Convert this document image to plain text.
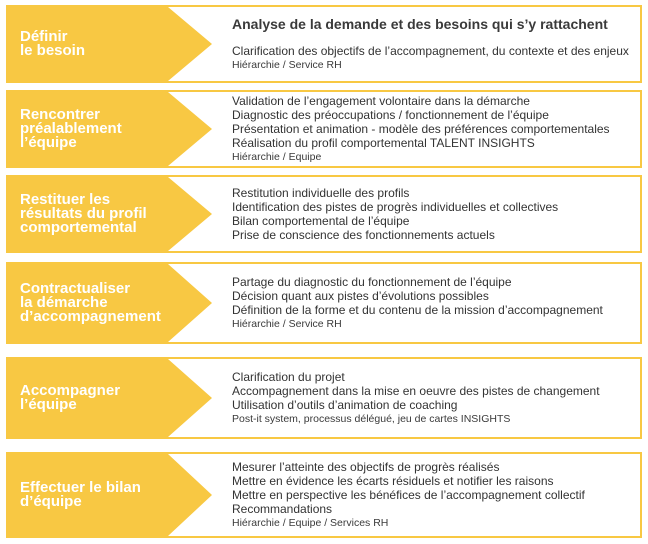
Définir
le besoin
Analyse de la demande et des besoins qui s’y rattachent
Clarification des objectifs de l’accompagnement, du contexte et des enjeux
Hiérarchie / Service RH
Rencontrer
préalablement
l’équipe
Validation de l’engagement volontaire dans la démarche
Diagnostic des préoccupations / fonctionnement de l’équipe
Présentation et animation - modèle des préférences comportementales
Réalisation du profil comportemental TALENT INSIGHTS
Hiérarchie / Equipe
Restituer les
résultats du profil
comportemental
Restitution individuelle des profils
Identification des pistes de progrès individuelles et collectives
Bilan comportemental de l’équipe
Prise de conscience des fonctionnements actuels
Contractualiser
la démarche
d’accompagnement
Partage du diagnostic du fonctionnement de l’équipe
Décision quant aux pistes d’évolutions possibles
Définition de la forme et du contenu de la mission d’accompagnement
Hiérarchie / Service RH
Accompagner
l’équipe
Clarification du projet
Accompagnement dans la mise en oeuvre des pistes de changement
Utilisation d’outils d’animation de coaching
Post-it system, processus délégué, jeu de cartes INSIGHTS
Effectuer le bilan
d’équipe
Mesurer l’atteinte des objectifs de progrès réalisés
Mettre en évidence les écarts résiduels et notifier les raisons
Mettre en perspective les bénéfices de l’accompagnement collectif
Recommandations
Hiérarchie / Equipe / Services RH
